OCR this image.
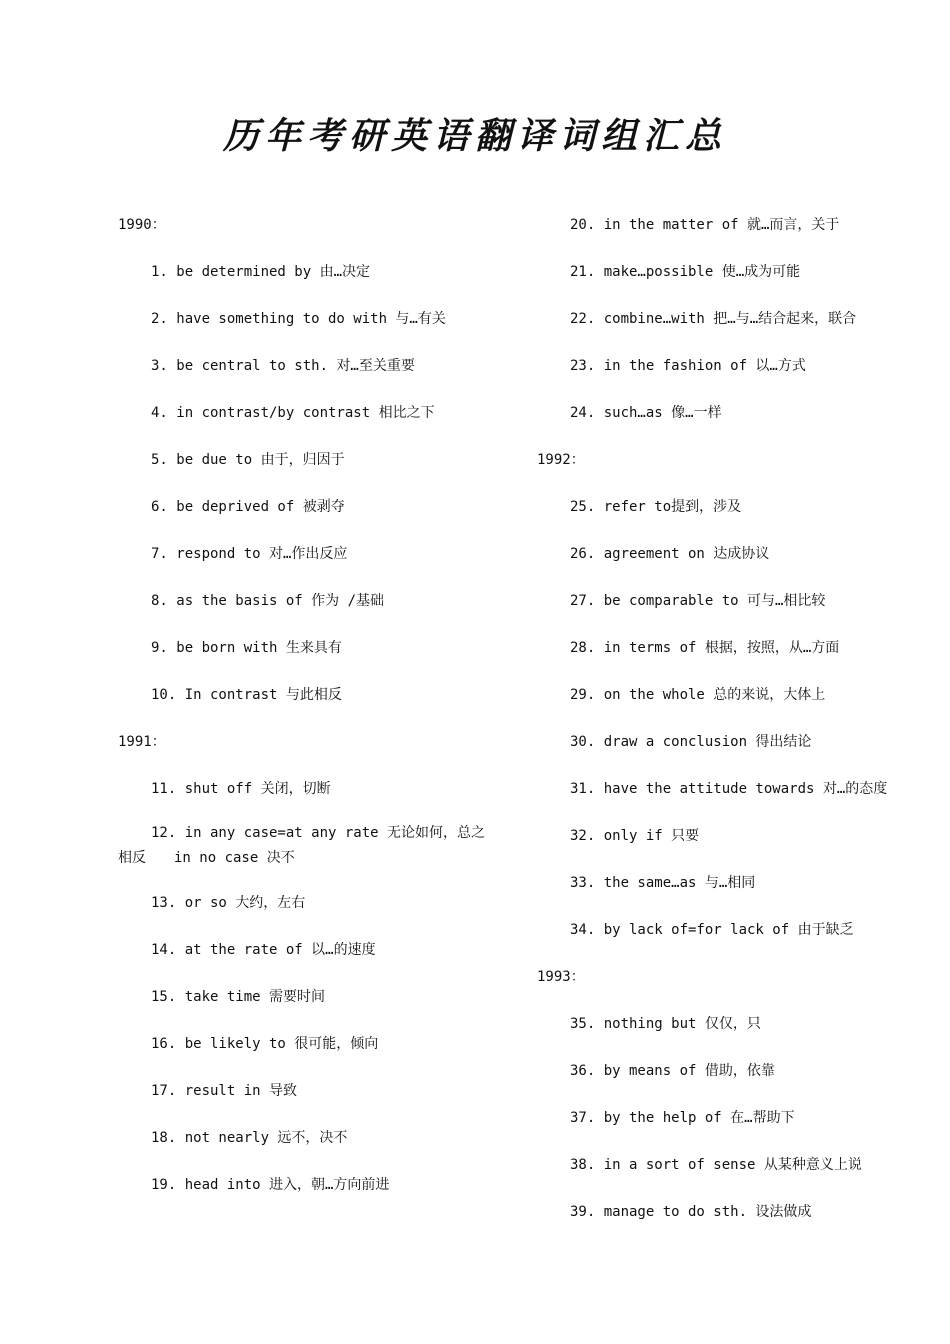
历年考研英语翻译词组汇总
1990：
1. be determined by 由…决定
2. have something to do with 与…有关
3. be central to sth. 对…至关重要
4. in contrast/by contrast 相比之下
5. be due to 由于，归因于
6. be deprived of 被剥夺
7. respond to 对…作出反应
8. as the basis of 作为 /基础
9. be born with 生来具有
10. In contrast 与此相反
1991：
11. shut off 关闭，切断
12. in any case=at any rate 无论如何，总之
相反 in no case 决不
13. or so 大约，左右
14. at the rate of 以…的速度
15. take time 需要时间
16. be likely to 很可能，倾向
17. result in 导致
18. not nearly 远不，决不
19. head into 进入，朝…方向前进
20. in the matter of 就…而言，关于
21. make…possible 使…成为可能
22. combine…with 把…与…结合起来，联合
23. in the fashion of 以…方式
24. such…as 像…一样
1992：
25. refer to提到，涉及
26. agreement on 达成协议
27. be comparable to 可与…相比较
28. in terms of 根据，按照，从…方面
29. on the whole 总的来说，大体上
30. draw a conclusion 得出结论
31. have the attitude towards 对…的态度
32. only if 只要
33. the same…as 与…相同
34. by lack of=for lack of 由于缺乏
1993：
35. nothing but 仅仅，只
36. by means of 借助，依靠
37. by the help of 在…帮助下
38. in a sort of sense 从某种意义上说
39. manage to do sth. 设法做成
